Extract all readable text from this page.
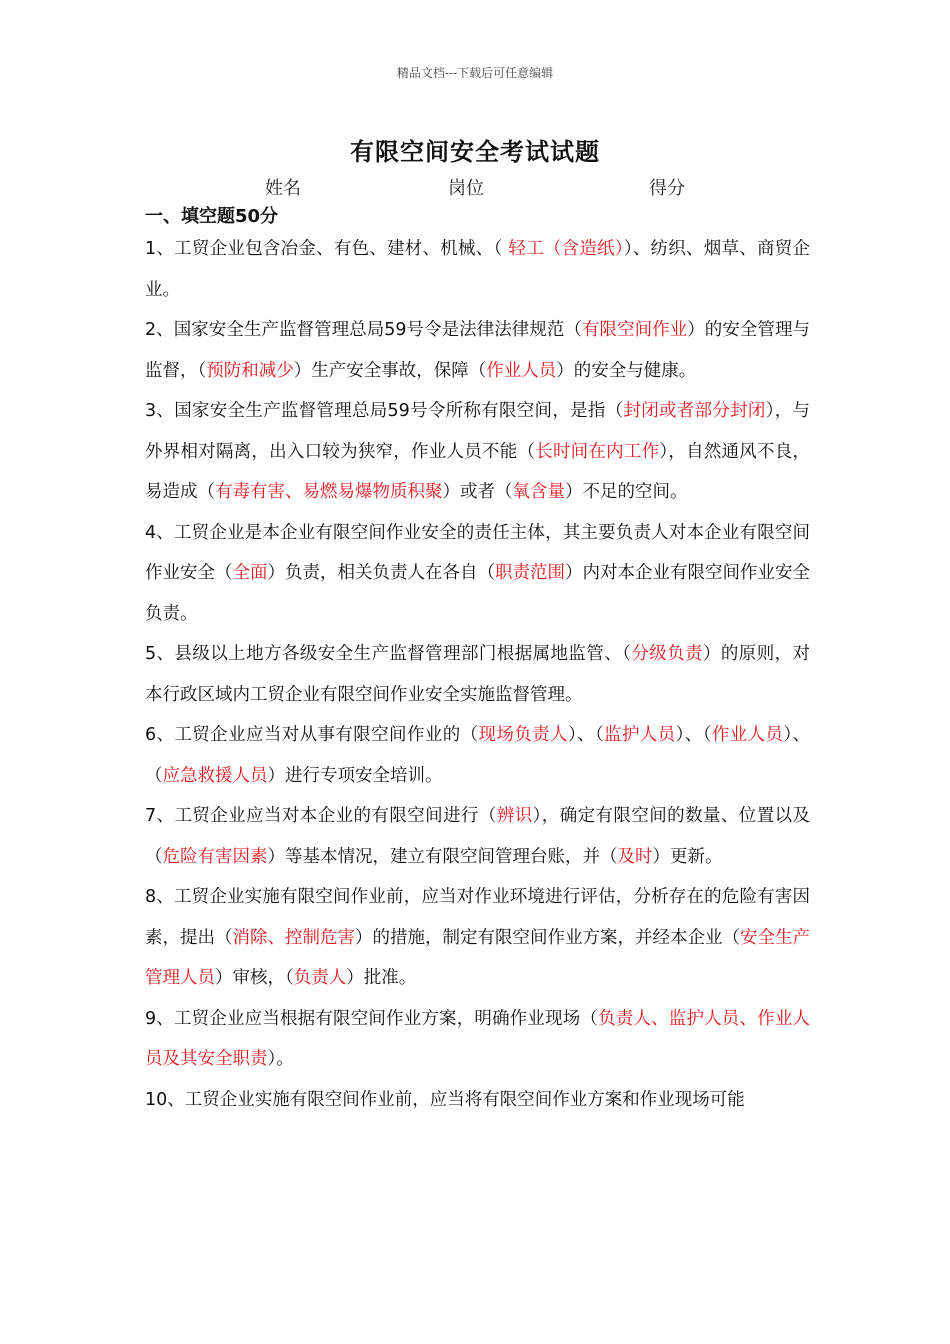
精品文档---下载后可任意编辑
有限空间安全考试试题
姓名	岗位	得分
一、填空题50分
1、工贸企业包含冶金、有色、建材、机械、（ 轻工（含造纸））、纺织、烟草、商贸企业。
2、国家安全生产监督管理总局59号令是法律法律规范（有限空间作业）的安全管理与监督，（预防和减少）生产安全事故，保障（作业人员）的安全与健康。
3、国家安全生产监督管理总局59号令所称有限空间，是指（封闭或者部分封闭），与外界相对隔离，出入口较为狭窄，作业人员不能（长时间在内工作），自然通风不良，易造成（有毒有害、易燃易爆物质积聚）或者（氧含量）不足的空间。
4、工贸企业是本企业有限空间作业安全的责任主体，其主要负责人对本企业有限空间作业安全（全面）负责，相关负责人在各自（职责范围）内对本企业有限空间作业安全负责。
5、县级以上地方各级安全生产监督管理部门根据属地监管、（分级负责）的原则，对本行政区域内工贸企业有限空间作业安全实施监督管理。
6、工贸企业应当对从事有限空间作业的（现场负责人）、（监护人员）、（作业人员）、（应急救援人员）进行专项安全培训。
7、工贸企业应当对本企业的有限空间进行（辨识），确定有限空间的数量、位置以及（危险有害因素）等基本情况，建立有限空间管理台账，并（及时）更新。
8、工贸企业实施有限空间作业前，应当对作业环境进行评估，分析存在的危险有害因素，提出（消除、控制危害）的措施，制定有限空间作业方案，并经本企业（安全生产管理人员）审核，（负责人）批准。
9、工贸企业应当根据有限空间作业方案，明确作业现场（负责人、监护人员、作业人员及其安全职责）。
10、工贸企业实施有限空间作业前，应当将有限空间作业方案和作业现场可能
